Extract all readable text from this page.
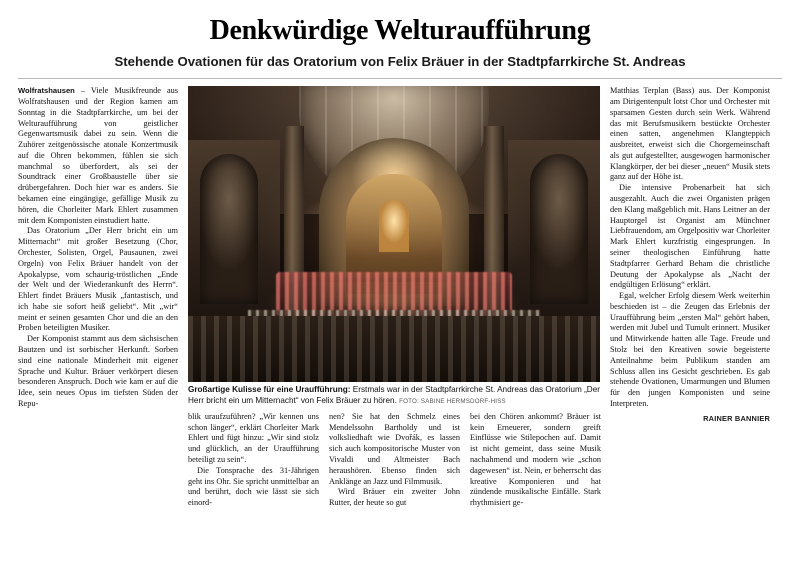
Denkwürdige Welturaufführung
Stehende Ovationen für das Oratorium von Felix Bräuer in der Stadtpfarrkirche St. Andreas

Wolfratshausen – Viele Musikfreunde aus Wolfratshausen und der Region kamen am Sonntag in die Stadtpfarrkirche, um bei der Welturaufführung von geistlicher Gegenwartsmusik dabei zu sein. Wenn die Zuhörer zeitgenössische atonale Konzertmusik auf die Ohren bekommen, fühlen sie sich manchmal so überfordert, als sei der Soundtrack einer Großbaustelle über sie drübergefahren. Doch hier war es anders. Sie bekamen eine eingängige, gefällige Musik zu hören, die Chorleiter Mark Ehlert zusammen mit dem Komponisten einstudiert hatte.

Das Oratorium „Der Herr bricht ein um Mitternacht“ mit großer Besetzung (Chor, Orchester, Solisten, Orgel, Pausaunen, zwei Orgeln) von Felix Bräuer handelt von der Apokalypse, vom schaurig-tröstlichen „Ende der Welt und der Wiederankunft des Herrn“. Ehlert findet Bräuers Musik „fantastisch, und ich habe sie sofort heiß geliebt“. Mit „wir“ meint er seinen gesamten Chor und die an den Proben beteiligten Musiker.

Der Komponist stammt aus dem sächsischen Bautzen und ist sorbischer Herkunft. Sorben sind eine nationale Minderheit mit eigener Sprache und Kultur. Bräuer verkörpert diesen besonderen Anspruch. Doch wie kam er auf die Idee, sein neues Opus im tiefsten Süden der Repu-

Großartige Kulisse für eine Uraufführung: Erstmals war in der Stadtpfarrkirche St. Andreas das Oratorium „Der Herr bricht ein um Mitternacht“ von Felix Bräuer zu hören. FOTO: SABINE HERMSDORF-HISS

blik uraufzuführen? „Wir kennen uns schon länger“, erklärt Chorleiter Mark Ehlert und fügt hinzu: „Wir sind stolz und glücklich, an der Uraufführung beteiligt zu sein“.

Die Tonsprache des 31-Jährigen geht ins Ohr. Sie spricht unmittelbar an und berührt, doch wie lässt sie sich einord-

nen? Sie hat den Schmelz eines Mendelssohn Bartholdy und ist volksliedhaft wie Dvořák, es lassen sich auch kompositorische Muster von Vivaldi und Altmeister Bach heraushören. Ebenso finden sich Anklänge an Jazz und Filmmusik.

Wird Bräuer ein zweiter John Rutter, der heute so gut

bei den Chören ankommt? Bräuer ist kein Erneuerer, sondern greift Einflüsse wie Stilepochen auf. Damit ist nicht gemeint, dass seine Musik nachahmend und modern wie „schon dagewesen“ ist. Nein, er beherrscht das kreative Komponieren und hat zündende musikalische Einfälle. Stark rhythmisiert ge-

Matthias Terplan (Bass) aus. Der Komponist am Dirigentenpult lotst Chor und Orchester mit sparsamen Gesten durch sein Werk. Während das mit Berufsmusikern bestückte Orchester einen satten, angenehmen Klangteppich ausbreitet, erweist sich die Chorgemeinschaft als gut aufgestellter, ausgewogen harmonischer Klangkörper, der bei dieser „neuen“ Musik stets ganz auf der Höhe ist.

Die intensive Probenarbeit hat sich ausgezahlt. Auch die zwei Organisten prägen den Klang maßgeblich mit. Hans Leitner an der Hauptorgel ist Organist am Münchner Liebfrauendom, am Orgelpositiv war Chorleiter Mark Ehlert kurzfristig eingesprungen. In seiner theologischen Einführung hatte Stadtpfarrer Gerhard Beham die christliche Deutung der Apokalypse als „Nacht der endgültigen Erlösung“ erklärt.

Egal, welcher Erfolg diesem Werk weiterhin beschieden ist – die Zeugen das Erlebnis der Uraufführung beim „ersten Mal“ gehört haben, werden mit Jubel und Tumult erinnert. Musiker und Mitwirkende hatten alle Tage. Freude und Stolz bei den Kreativen sowie begeisterte Anteilnahme beim Publikum standen am Schluss allen ins Gesicht geschrieben. Es gab stehende Ovationen, Umarmungen und Blumen für den jungen Komponisten und seine Interpreten.

RAINER BANNIER
